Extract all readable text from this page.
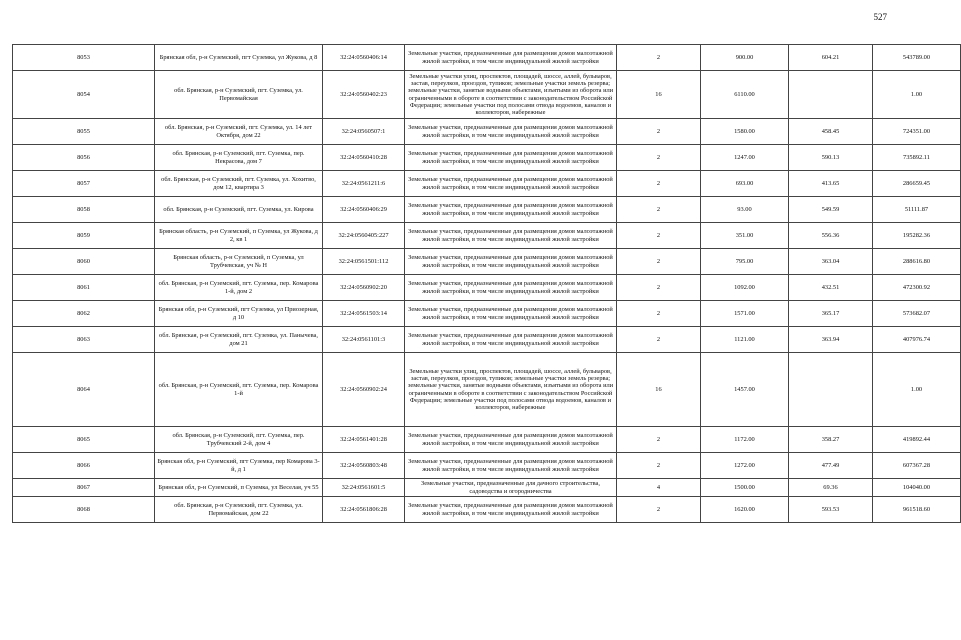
527
8053	Брянская обл, р-н Суземский, пгт Суземка, ул Жукова, д 8	32:24:0560406:14	Земельные участки, предназначенные для размещения домов малоэтажной жилой застройки, в том числе индивидуальной жилой застройки	2	900.00	604.21	543789.00
8054	обл. Брянская, р-н Суземский, пгт. Суземка, ул. Первомайская	32:24:0560402:23	Земельные участки улиц, проспектов, площадей, шоссе, аллей, бульваров, застав, переулков, проездов, тупиков; земельные участки земель резерва; земельные участки, занятые водными объектами, изъятыми из оборота или ограниченными в обороте в соответствии с законодательством Российской Федерации; земельные участки под полосами отвода водоемов, каналов и коллекторов, набережные	16	6110.00		1.00
8055	обл. Брянская, р-н Суземский, пгт. Суземка, ул. 14 лет Октября, дом 22	32:24:0560507:1	Земельные участки, предназначенные для размещения домов малоэтажной жилой застройки, в том числе индивидуальной жилой застройки	2	1580.00	458.45	724351.00
8056	обл. Брянская, р-н Суземский, пгт. Суземка, пер. Некрасова, дом 7	32:24:0560410:28	Земельные участки, предназначенные для размещения домов малоэтажной жилой застройки, в том числе индивидуальной жилой застройки	2	1247.00	590.13	735892.11
8057	обл. Брянская, р-н Суземский, пгт. Суземка, ул. Хохитво, дом 12, квартира 3	32:24:0561211:6	Земельные участки, предназначенные для размещения домов малоэтажной жилой застройки, в том числе индивидуальной жилой застройки	2	693.00	413.65	286659.45
8058	обл. Брянская, р-н Суземский, пгт. Суземка, ул. Кирова	32:24:0560406:29	Земельные участки, предназначенные для размещения домов малоэтажной жилой застройки, в том числе индивидуальной жилой застройки	2	93.00	549.59	51111.87
8059	Брянская область, р-н Суземский, п Суземка, ул Жукова, д 2, кв 1	32:24:0560405:227	Земельные участки, предназначенные для размещения домов малоэтажной жилой застройки, в том числе индивидуальной жилой застройки	2	351.00	556.36	195282.36
8060	Брянская область, р-н Суземский, п Суземка, ул Трубчевская, уч № Н	32:24:0561501:112	Земельные участки, предназначенные для размещения домов малоэтажной жилой застройки, в том числе индивидуальной жилой застройки	2	795.00	363.04	288616.80
8061	обл. Брянская, р-н Суземский, пгт. Суземка, пер. Комарова 1-й, дом 2	32:24:0560902:20	Земельные участки, предназначенные для размещения домов малоэтажной жилой застройки, в том числе индивидуальной жилой застройки	2	1092.00	432.51	472300.92
8062	Брянская обл, р-н Суземский, пгт Суземка, ул Приозерная, д 10	32:24:0561503:14	Земельные участки, предназначенные для размещения домов малоэтажной жилой застройки, в том числе индивидуальной жилой застройки	2	1571.00	365.17	573682.07
8063	обл. Брянская, р-н Суземский, пгт. Суземка, ул. Панычева, дом 21	32:24:0561101:3	Земельные участки, предназначенные для размещения домов малоэтажной жилой застройки, в том числе индивидуальной жилой застройки	2	1121.00	363.94	407976.74
8064	обл. Брянская, р-н Суземский, пгт. Суземка, пер. Комарова 1-й	32:24:0560902:24	Земельные участки улиц, проспектов, площадей, шоссе, аллей, бульваров, застав, переулков, проездов, тупиков; земельные участки земель резерва; земельные участки, занятые водными объектами, изъятыми из оборота или ограниченными в обороте в соответствии с законодательством Российской Федерации; земельные участки под полосами отвода водоемов, каналов и коллекторов, набережные	16	1457.00		1.00
8065	обл. Брянская, р-н Суземский, пгт. Суземка, пер. Трубчевский 2-й, дом 4	32:24:0561401:28	Земельные участки, предназначенные для размещения домов малоэтажной жилой застройки, в том числе индивидуальной жилой застройки	2	1172.00	358.27	419892.44
8066	Брянская обл, р-н Суземский, пгт Суземка, пер Комарова 3-й, д 1	32:24:0560803:48	Земельные участки, предназначенные для размещения домов малоэтажной жилой застройки, в том числе индивидуальной жилой застройки	2	1272.00	477.49	607367.28
8067	Брянская обл, р-н Суземский, п Суземка, ул Веселая, уч 55	32:24:0561601:5	Земельные участки, предназначенные для дачного строительства, садоводства и огородничества	4	1500.00	69.36	104040.00
8068	обл. Брянская, р-н Суземский, пгт. Суземка, ул. Первомайская, дом 22	32:24:0561806:28	Земельные участки, предназначенные для размещения домов малоэтажной жилой застройки, в том числе индивидуальной жилой застройки	2	1620.00	593.53	961518.60
